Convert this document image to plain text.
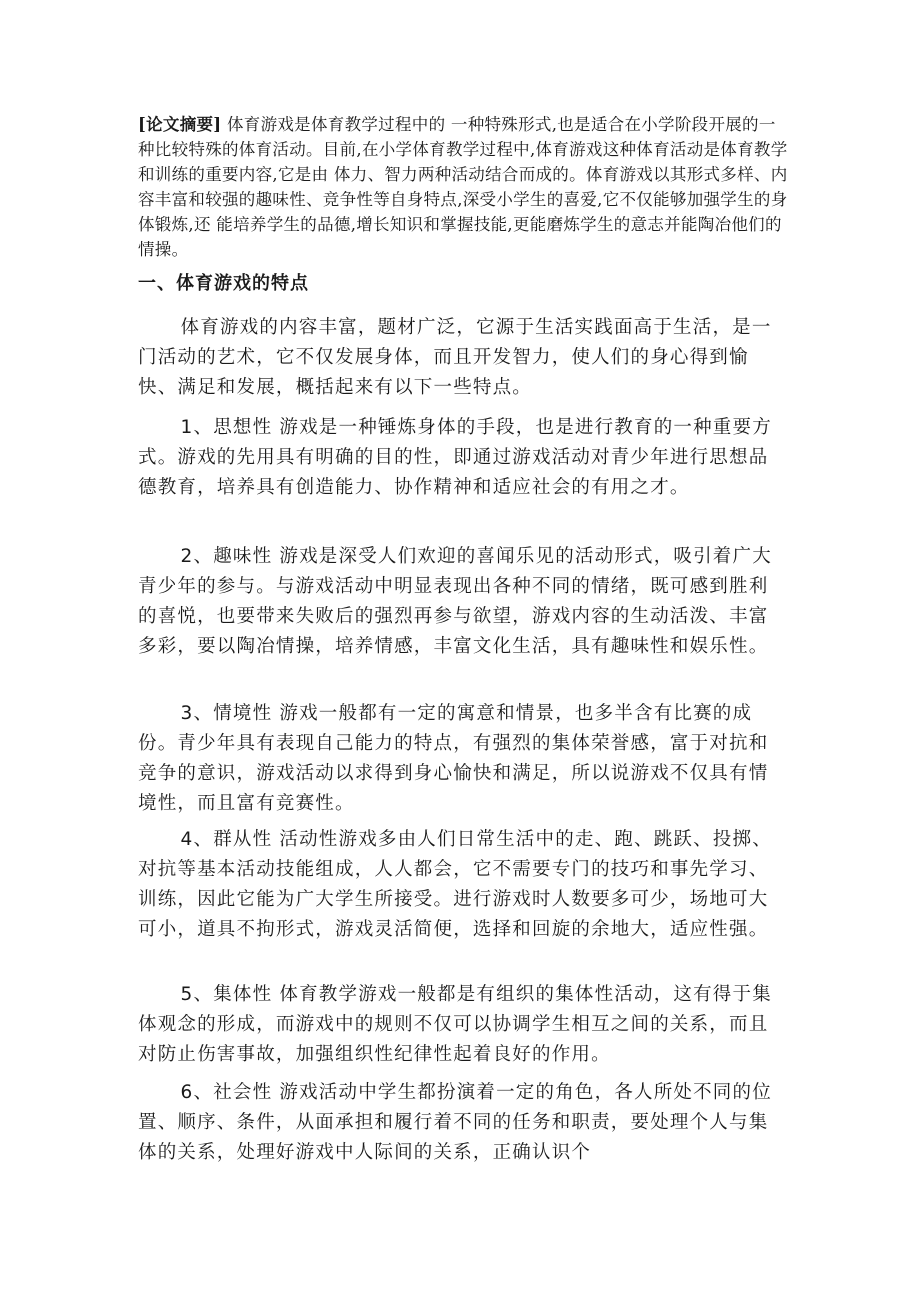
[论文摘要] 体育游戏是体育教学过程中的 一种特殊形式,也是适合在小学阶段开展的一种比较特殊的体育活动。目前,在小学体育教学过程中,体育游戏这种体育活动是体育教学和训练的重要内容,它是由 体力、智力两种活动结合而成的。体育游戏以其形式多样、内容丰富和较强的趣味性、竞争性等自身特点,深受小学生的喜爱,它不仅能够加强学生的身体锻炼,还 能培养学生的品德,增长知识和掌握技能,更能磨炼学生的意志并能陶冶他们的情操。

一、体育游戏的特点

体育游戏的内容丰富，题材广泛，它源于生活实践面高于生活，是一门活动的艺术，它不仅发展身体，而且开发智力，使人们的身心得到愉快、满足和发展，概括起来有以下一些特点。

1、思想性 游戏是一种锤炼身体的手段，也是进行教育的一种重要方式。游戏的先用具有明确的目的性，即通过游戏活动对青少年进行思想品德教育，培养具有创造能力、协作精神和适应社会的有用之才。

2、趣味性 游戏是深受人们欢迎的喜闻乐见的活动形式，吸引着广大青少年的参与。与游戏活动中明显表现出各种不同的情绪，既可感到胜利的喜悦，也要带来失败后的强烈再参与欲望，游戏内容的生动活泼、丰富多彩，要以陶冶情操，培养情感，丰富文化生活，具有趣味性和娱乐性。

3、情境性 游戏一般都有一定的寓意和情景，也多半含有比赛的成份。青少年具有表现自己能力的特点，有强烈的集体荣誉感，富于对抗和竞争的意识，游戏活动以求得到身心愉快和满足，所以说游戏不仅具有情境性，而且富有竞赛性。

4、群从性 活动性游戏多由人们日常生活中的走、跑、跳跃、投掷、对抗等基本活动技能组成，人人都会，它不需要专门的技巧和事先学习、训练，因此它能为广大学生所接受。进行游戏时人数要多可少，场地可大可小，道具不拘形式，游戏灵活简便，选择和回旋的余地大，适应性强。

5、集体性 体育教学游戏一般都是有组织的集体性活动，这有得于集体观念的形成，而游戏中的规则不仅可以协调学生相互之间的关系，而且对防止伤害事故，加强组织性纪律性起着良好的作用。

6、社会性 游戏活动中学生都扮演着一定的角色，各人所处不同的位置、顺序、条件，从面承担和履行着不同的任务和职责，要处理个人与集体的关系，处理好游戏中人际间的关系，正确认识个
